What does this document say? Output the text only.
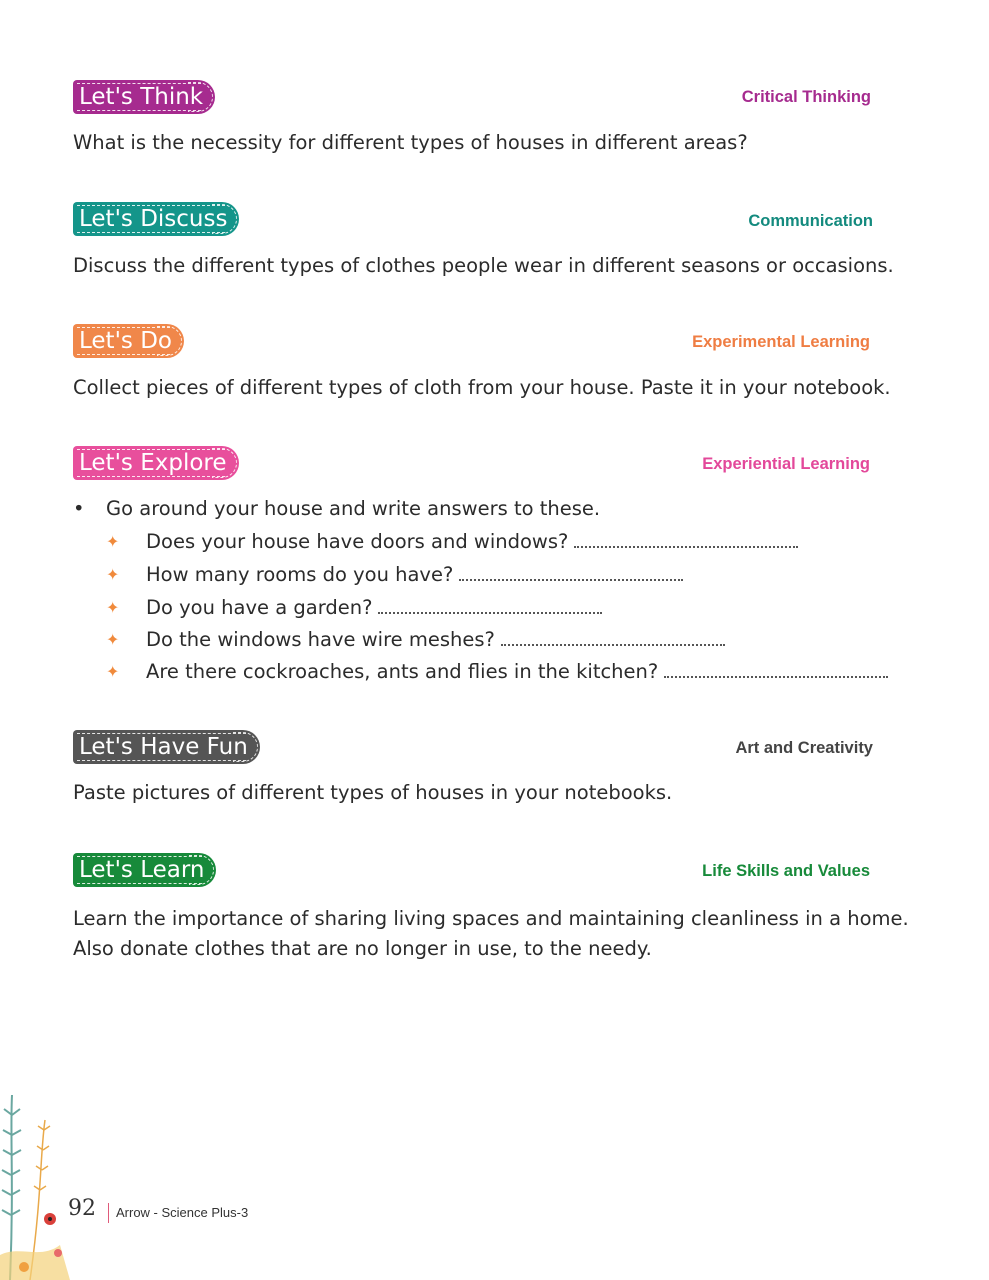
Let's Think	Critical Thinking
What is the necessity for different types of houses in different areas?
Let's Discuss	Communication
Discuss the different types of clothes people wear in different seasons or occasions.
Let's Do	Experimental Learning
Collect pieces of different types of cloth from your house. Paste it in your notebook.
Let's Explore	Experiential Learning
• Go around your house and write answers to these.
✦ Does your house have doors and windows?
✦ How many rooms do you have?
✦ Do you have a garden?
✦ Do the windows have wire meshes?
✦ Are there cockroaches, ants and flies in the kitchen?
Let's Have Fun	Art and Creativity
Paste pictures of different types of houses in your notebooks.
Let's Learn	Life Skills and Values
Learn the importance of sharing living spaces and maintaining cleanliness in a home. Also donate clothes that are no longer in use, to the needy.
92 Arrow - Science Plus-3
